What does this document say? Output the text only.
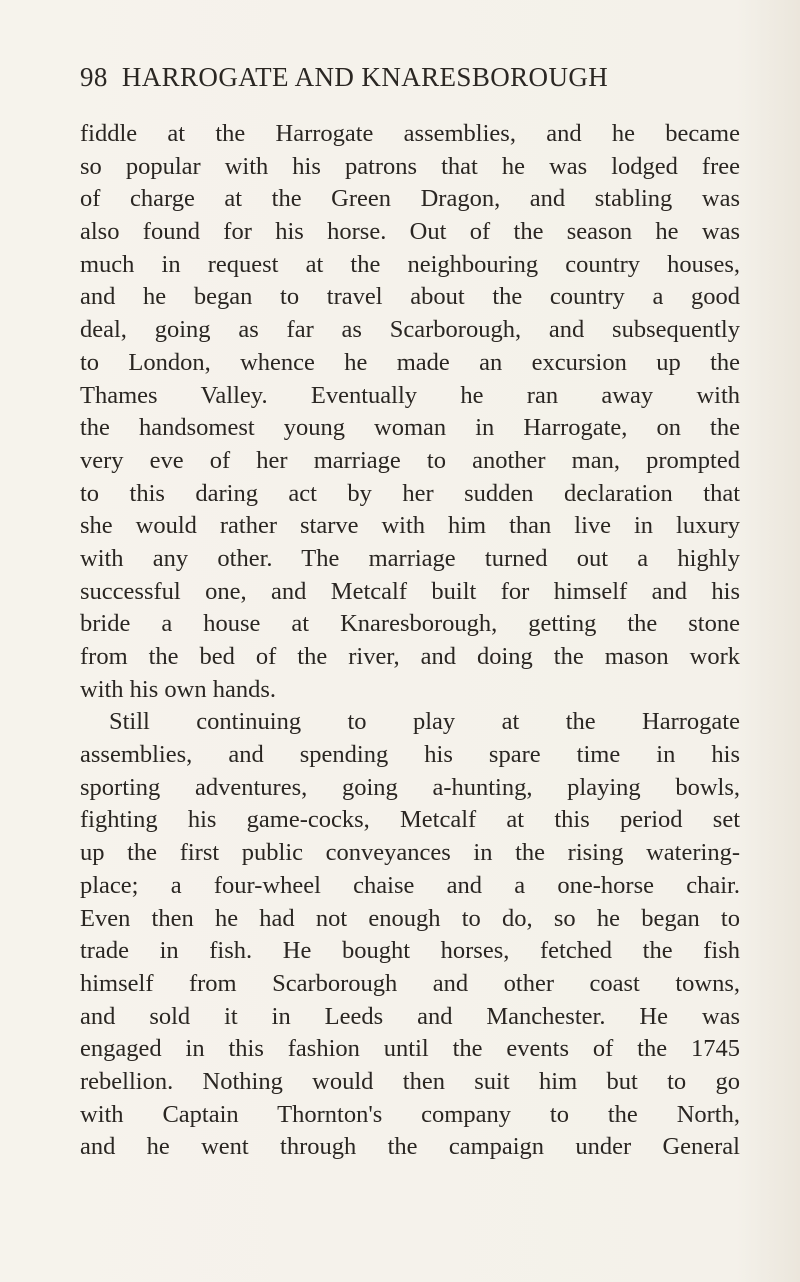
98 HARROGATE AND KNARESBOROUGH
fiddle at the Harrogate assemblies, and he became
so popular with his patrons that he was lodged free
of charge at the Green Dragon, and stabling was
also found for his horse. Out of the season he was
much in request at the neighbouring country houses,
and he began to travel about the country a good
deal, going as far as Scarborough, and subsequently
to London, whence he made an excursion up the
Thames Valley. Eventually he ran away with
the handsomest young woman in Harrogate, on the
very eve of her marriage to another man, prompted
to this daring act by her sudden declaration that
she would rather starve with him than live in luxury
with any other. The marriage turned out a highly
successful one, and Metcalf built for himself and his
bride a house at Knaresborough, getting the stone
from the bed of the river, and doing the mason work
with his own hands.
Still continuing to play at the Harrogate
assemblies, and spending his spare time in his
sporting adventures, going a-hunting, playing bowls,
fighting his game-cocks, Metcalf at this period set
up the first public conveyances in the rising watering-
place; a four-wheel chaise and a one-horse chair.
Even then he had not enough to do, so he began to
trade in fish. He bought horses, fetched the fish
himself from Scarborough and other coast towns,
and sold it in Leeds and Manchester. He was
engaged in this fashion until the events of the 1745
rebellion. Nothing would then suit him but to go
with Captain Thornton's company to the North,
and he went through the campaign under General
